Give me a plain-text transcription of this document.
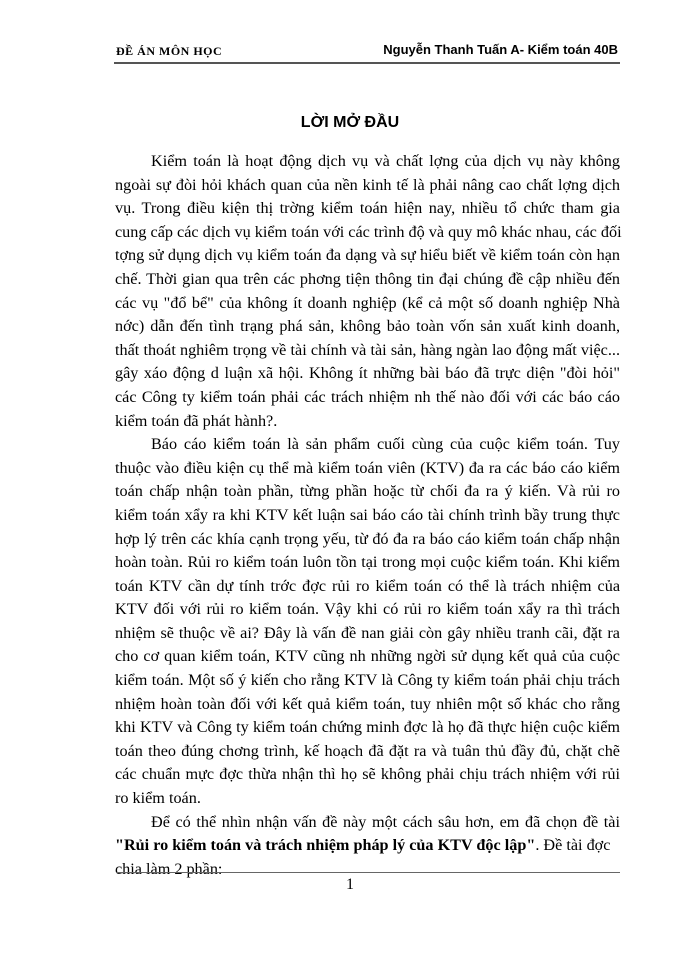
ĐỀ ÁN MÔN HỌC	Nguyễn Thanh Tuấn A- Kiểm toán 40B
LỜI MỞ ĐẦU
Kiểm toán là hoạt động dịch vụ và chất lợng của dịch vụ này không
ngoài sự đòi hỏi khách quan của nền kinh tế là phải nâng cao chất lợng dịch
vụ. Trong điều kiện thị trờng kiểm toán hiện nay, nhiều tổ chức tham gia
cung cấp các dịch vụ kiểm toán với các trình độ và quy mô khác nhau, các đối
tợng sử dụng dịch vụ kiểm toán đa dạng và sự hiểu biết về kiểm toán còn hạn
chế. Thời gian qua trên các phơng tiện thông tin đại chúng đề cập nhiều đến
các vụ "đổ bể" của không ít doanh nghiệp (kể cả một số doanh nghiệp Nhà
nớc) dẫn đến tình trạng phá sản, không bảo toàn vốn sản xuất kinh doanh,
thất thoát nghiêm trọng về tài chính và tài sản, hàng ngàn lao động mất việc...
gây xáo động d luận xã hội. Không ít những bài báo đã trực diện "đòi hỏi"
các Công ty kiểm toán phải các trách nhiệm nh thế nào đối với các báo cáo
kiểm toán đã phát hành?.
Báo cáo kiểm toán là sản phẩm cuối cùng của cuộc kiểm toán. Tuy
thuộc vào điều kiện cụ thể mà kiểm toán viên (KTV) đa ra các báo cáo kiểm
toán chấp nhận toàn phần, từng phần hoặc từ chối đa ra ý kiến. Và rủi ro
kiểm toán xẩy ra khi KTV kết luận sai báo cáo tài chính trình bầy trung thực
hợp lý trên các khía cạnh trọng yếu, từ đó đa ra báo cáo kiểm toán chấp nhận
hoàn toàn. Rủi ro kiểm toán luôn tồn tại trong mọi cuộc kiểm toán. Khi kiểm
toán KTV cần dự tính trớc đợc rủi ro kiểm toán có thể là trách nhiệm của
KTV đối với rủi ro kiểm toán. Vậy khi có rủi ro kiểm toán xẩy ra thì trách
nhiệm sẽ thuộc về ai? Đây là vấn đề nan giải còn gây nhiều tranh cãi, đặt ra
cho cơ quan kiểm toán, KTV cũng nh những ngời sử dụng kết quả của cuộc
kiểm toán. Một số ý kiến cho rằng KTV là Công ty kiểm toán phải chịu trách
nhiệm hoàn toàn đối với kết quả kiểm toán, tuy nhiên một số khác cho rằng
khi KTV và Công ty kiểm toán chứng minh đợc là họ đã thực hiện cuộc kiểm
toán theo đúng chơng trình, kế hoạch đã đặt ra và tuân thủ đầy đủ, chặt chẽ
các chuẩn mực đợc thừa nhận thì họ sẽ không phải chịu trách nhiệm với rủi
ro kiểm toán.
Để có thể nhìn nhận vấn đề này một cách sâu hơn, em đã chọn đề tài
"Rủi ro kiểm toán và trách nhiệm pháp lý của KTV độc lập". Đề tài đợc
chia làm 2 phần:
1
